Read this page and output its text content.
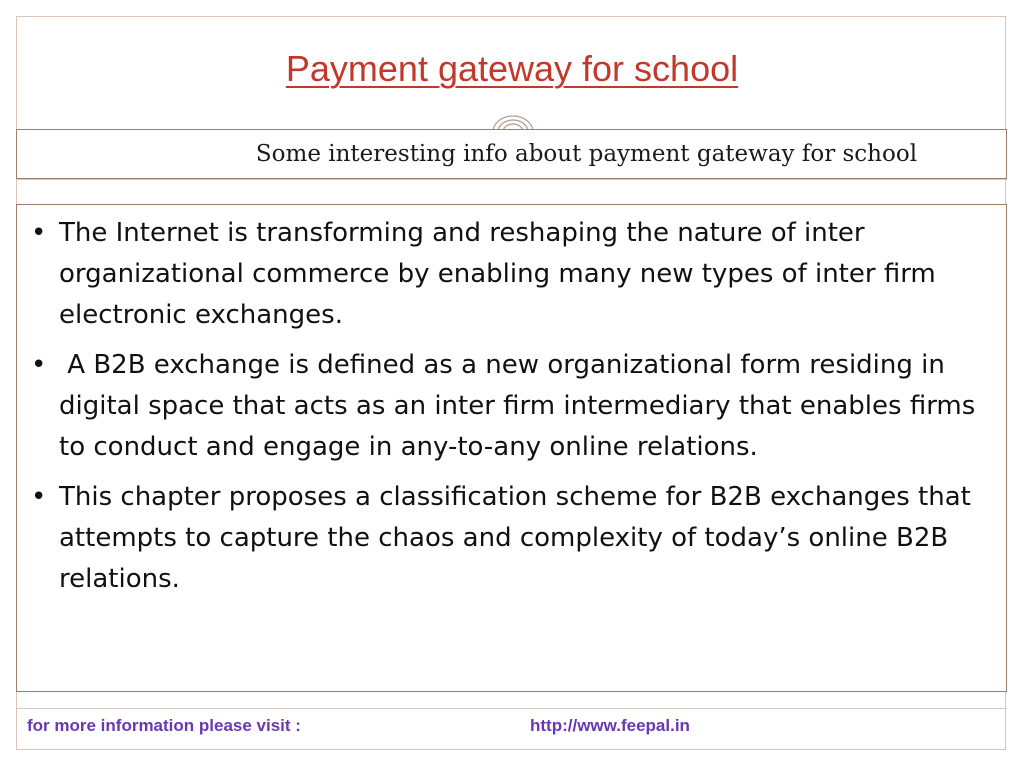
Payment gateway for school
Some interesting info about payment gateway for school
• The Internet is transforming and reshaping the nature of inter organizational commerce by enabling many new types of inter firm electronic exchanges.
• A B2B exchange is defined as a new organizational form residing in digital space that acts as an inter firm intermediary that enables firms to conduct and engage in any-to-any online relations.
• This chapter proposes a classification scheme for B2B exchanges that attempts to capture the chaos and complexity of today’s online B2B relations.
for more information please visit :	http://www.feepal.in
